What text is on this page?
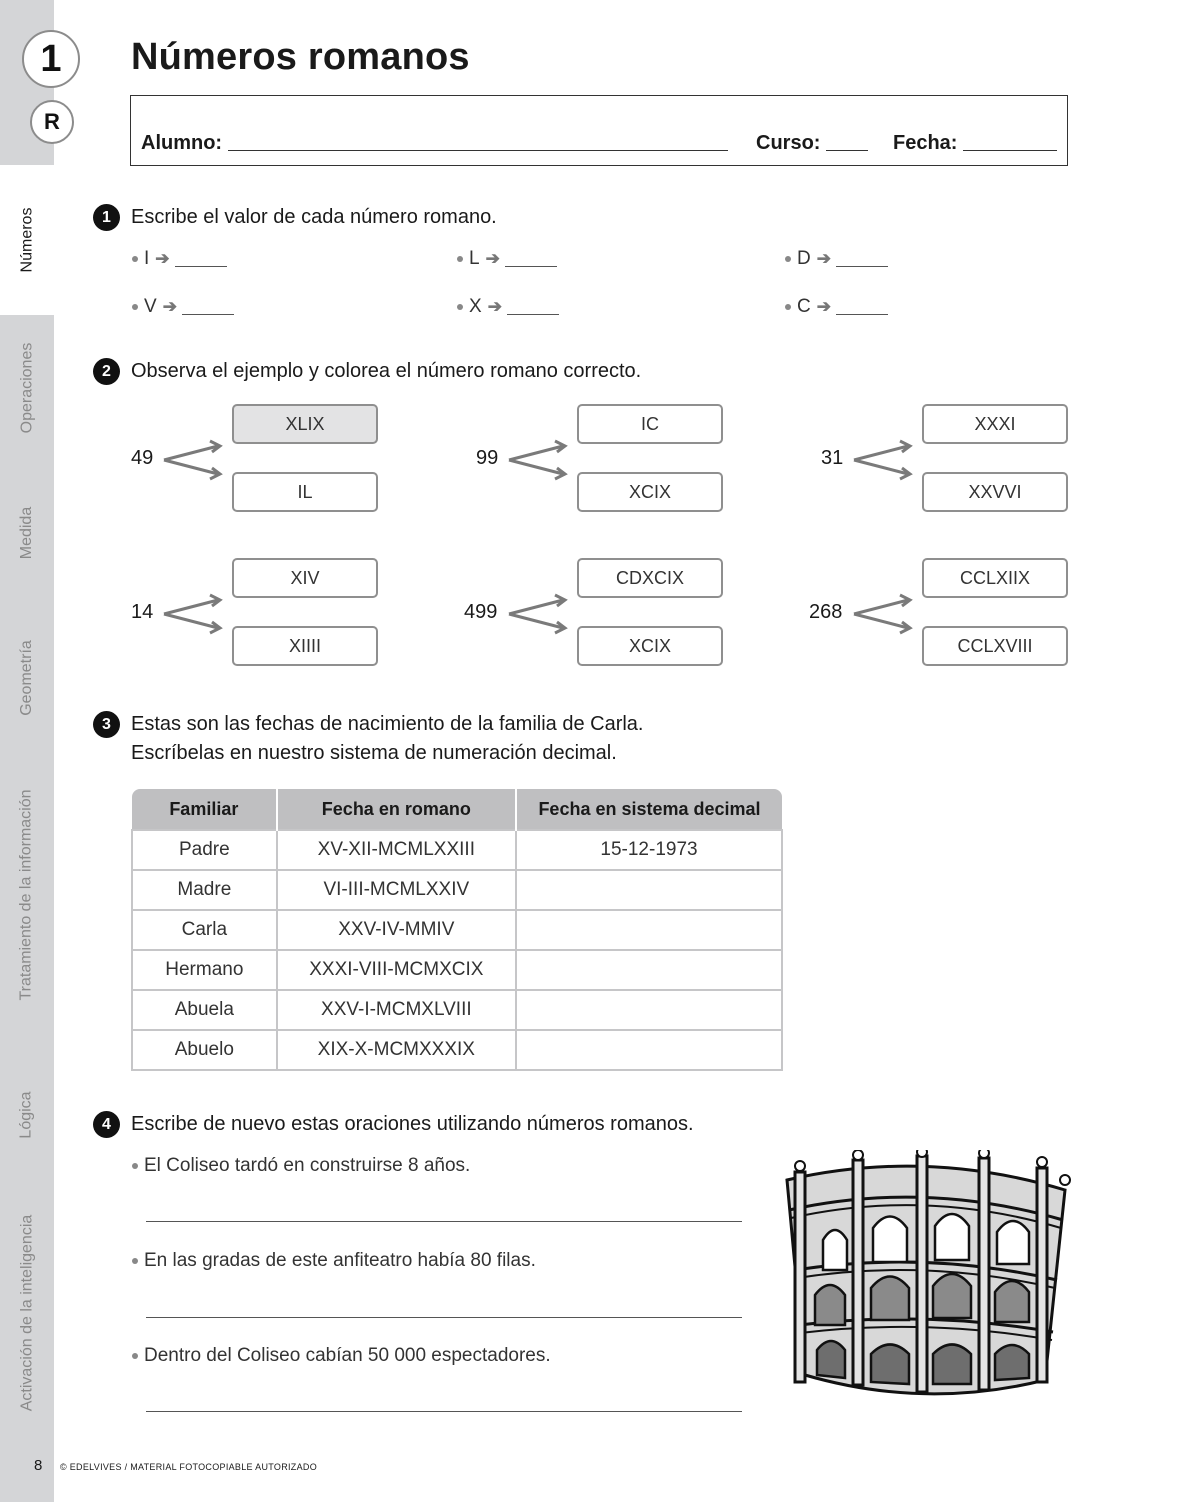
Números
Operaciones
Medida
Geometría
Tratamiento de la información
Lógica
Activación de la inteligencia
1
R
Números romanos
Alumno:	Curso:	Fecha:
1	Escribe el valor de cada número romano.
I ➔	L ➔	D ➔
V ➔	X ➔	C ➔
2	Observa el ejemplo y colorea el número romano correcto.
49
XLIX
IL
99
IC
XCIX
31
XXXI
XXVVI
14
XIV
XIIII
499
CDXCIX
XCIX
268
CCLXIIX
CCLXVIII
3	Estas son las fechas de nacimiento de la familia de Carla.
Escríbelas en nuestro sistema de numeración decimal.
Familiar	Fecha en romano	Fecha en sistema decimal
Padre	XV-XII-MCMLXXIII	15-12-1973
Madre	VI-III-MCMLXXIV	
Carla	XXV-IV-MMIV	
Hermano	XXXI-VIII-MCMXCIX	
Abuela	XXV-I-MCMXLVIII	
Abuelo	XIX-X-MCMXXXIX	
4	Escribe de nuevo estas oraciones utilizando números romanos.
El Coliseo tardó en construirse 8 años.
En las gradas de este anfiteatro había 80 filas.
Dentro del Coliseo cabían 50 000 espectadores.
8 © EDELVIVES / MATERIAL FOTOCOPIABLE AUTORIZADO
